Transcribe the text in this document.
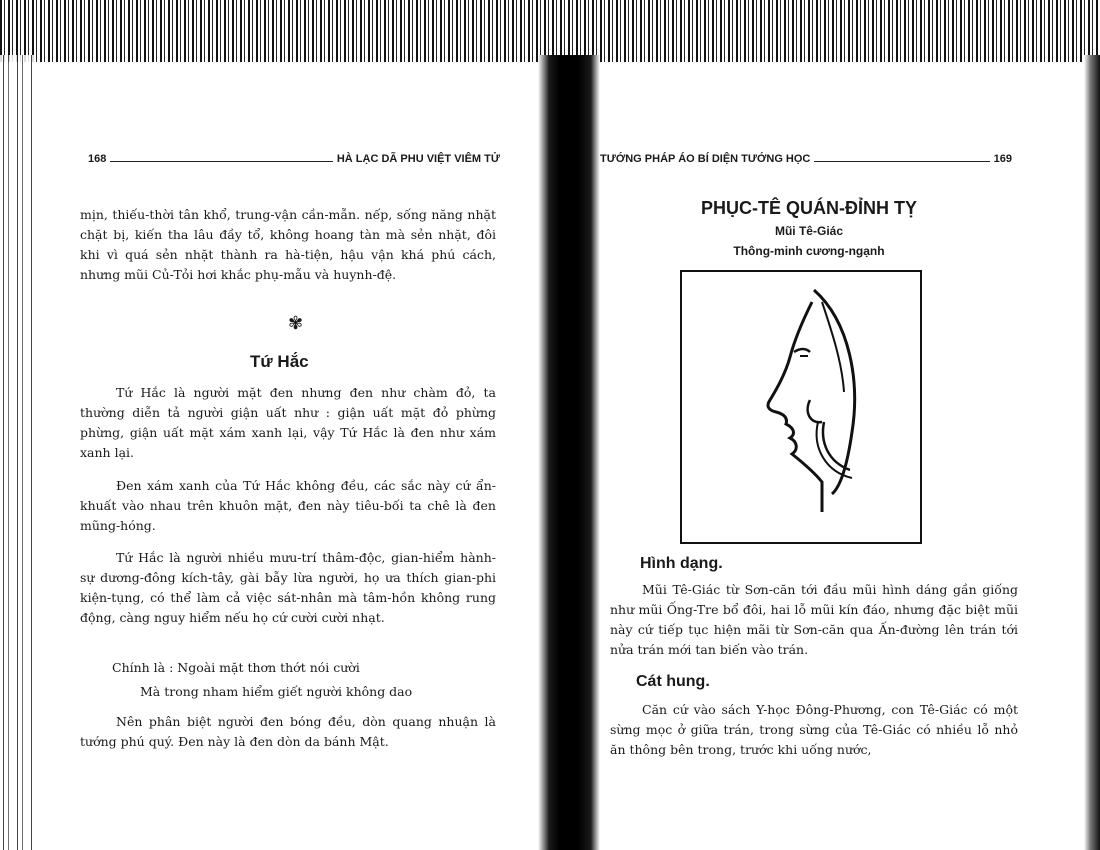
168	HÀ LẠC DÃ PHU VIỆT VIÊM TỬ
mịn, thiếu-thời tân khổ, trung-vận cần-mẫn. nếp, sống năng nhặt chặt bị, kiến tha lâu đầy tổ, không hoang tàn mà sẻn nhặt, đôi khi vì quá sẻn nhặt thành ra hà-tiện, hậu vận khá phú cách, nhưng mũi Củ-Tỏi hơi khắc phụ-mẫu và huynh-đệ.
✾
Tứ Hắc
Tứ Hắc là người mặt đen nhưng đen như chàm đỏ, ta thường diễn tả người giận uất như : giận uất mặt đỏ phừng phừng, giận uất mặt xám xanh lại, vậy Tứ Hắc là đen như xám xanh lại.
Đen xám xanh của Tứ Hắc không đều, các sắc này cứ ẩn-khuất vào nhau trên khuôn mặt, đen này tiêu-bối ta chê là đen mũng-hóng.
Tứ Hắc là người nhiều mưu-trí thâm-độc, gian-hiểm hành-sự dương-đông kích-tây, gài bẫy lừa người, họ ưa thích gian-phi kiện-tụng, có thể làm cả việc sát-nhân mà tâm-hồn không rung động, càng nguy hiểm nếu họ cứ cười cười nhạt.
Chính là : Ngoài mặt thơn thớt nói cười
Mà trong nham hiểm giết người không dao
Nên phân biệt người đen bóng đều, dòn quang nhuận là tướng phú quý. Đen này là đen dòn da bánh Mật.
TƯỚNG PHÁP ÁO BÍ DIỆN TƯỚNG HỌC	169
PHỤC-TÊ QUÁN-ĐỈNH TỴ
Mũi Tê-Giác
Thông-minh cương-ngạnh
Hình dạng.
Mũi Tê-Giác từ Sơn-căn tới đầu mũi hình dáng gần giống như mũi Ống-Tre bổ đôi, hai lỗ mũi kín đáo, nhưng đặc biệt mũi này cứ tiếp tục hiện mãi từ Sơn-căn qua Ấn-đường lên trán tới nửa trán mới tan biến vào trán.
Cát hung.
Căn cứ vào sách Y-học Đông-Phương, con Tê-Giác có một sừng mọc ở giữa trán, trong sừng của Tê-Giác có nhiều lỗ nhỏ ăn thông bên trong, trước khi uống nước,
